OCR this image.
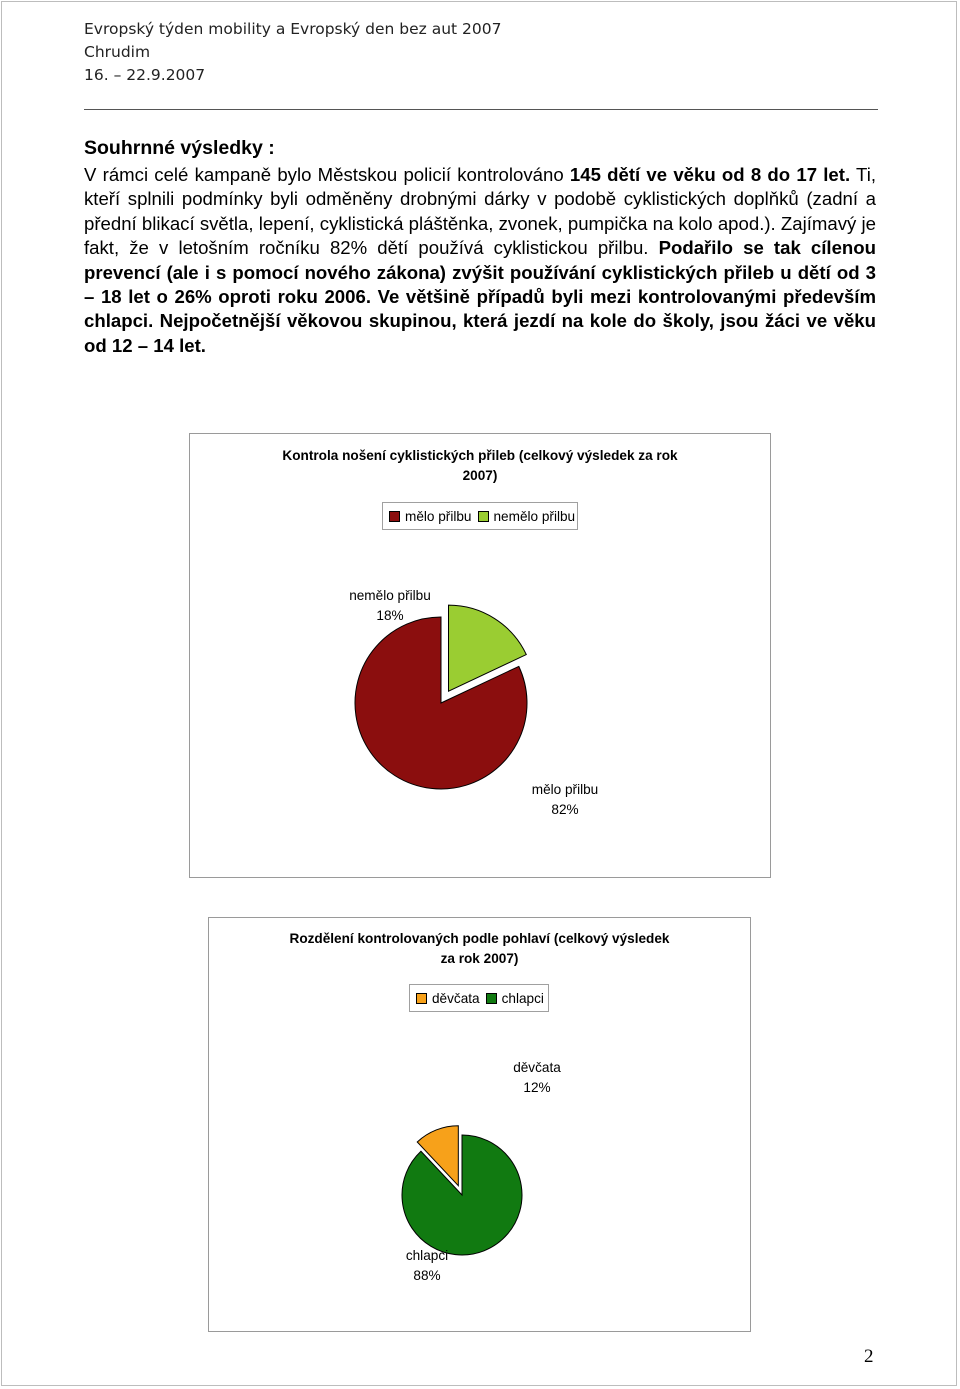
Evropský týden mobility a Evropský den bez aut 2007
Chrudim
16. – 22.9.2007
Souhrnné výsledky :
V rámci celé kampaně bylo Městskou policií kontrolováno 145 dětí ve věku od 8 do 17 let. Ti, kteří splnili podmínky byli odměněny drobnými dárky v podobě cyklistických doplňků (zadní a přední blikací světla, lepení, cyklistická pláštěnka, zvonek, pumpička na kolo apod.). Zajímavý je fakt, že v letošním ročníku 82% dětí používá cyklistickou přilbu. Podařilo se tak cílenou prevencí (ale i s pomocí nového zákona) zvýšit používání cyklistických přileb u dětí od 3 – 18 let o 26% oproti roku 2006. Ve většině případů byli mezi kontrolovanými především chlapci. Nejpočetnější věkovou skupinou, která jezdí na kole do školy, jsou žáci ve věku od 12 – 14 let.
Kontrola nošení cyklistických přileb (celkový výsledek za rok
2007)
mělo přilbu nemělo přilbu
nemělo přilbu
18%
mělo přilbu
82%
Rozdělení kontrolovaných podle pohlaví (celkový výsledek
za rok 2007)
děvčata chlapci
děvčata
12%
chlapci
88%
2
